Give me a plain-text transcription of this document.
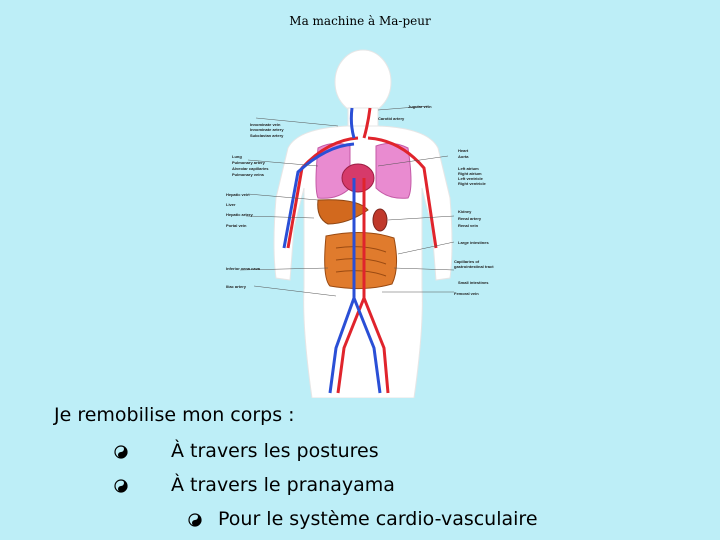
Ma machine à Ma-peur
Innominate vein
Innominate artery
Subclavian artery
Lung
Pulmonary artery
Alveolar capillaries
Pulmonary veins
Hepatic vein
Liver
Hepatic artery
Portal vein
Inferior vena cava
Iliac artery
Jugular vein
Carotid artery
Heart
Aorta
Left atrium
Right atrium
Left ventricle
Right ventricle
Kidney
Renal artery
Renal vein
Large intestines
Capillaries of gastrointestinal tract
Small intestines
Femoral vein
Je remobilise mon corps :
À travers les postures
À travers le pranayama
Pour le système cardio-vasculaire
